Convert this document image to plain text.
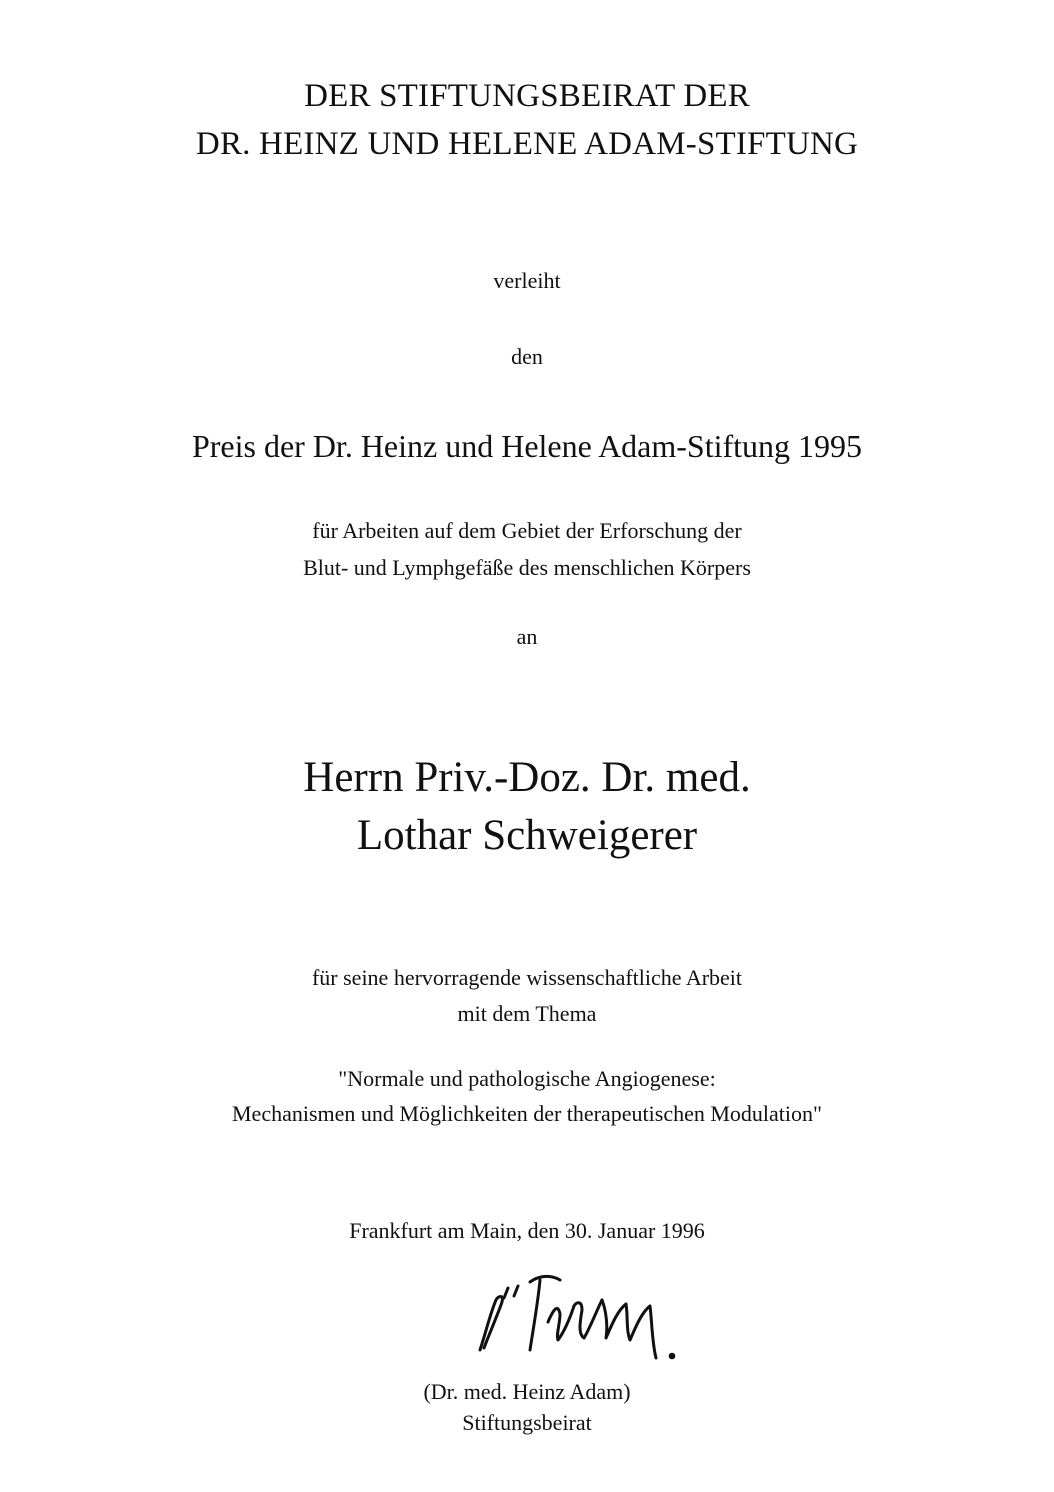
DER STIFTUNGSBEIRAT DER
DR. HEINZ UND HELENE ADAM-STIFTUNG
verleiht
den
Preis der Dr. Heinz und Helene Adam-Stiftung 1995
für Arbeiten auf dem Gebiet der Erforschung der
Blut- und Lymphgefäße des menschlichen Körpers
an
Herrn Priv.-Doz. Dr. med.
Lothar Schweigerer
für seine hervorragende wissenschaftliche Arbeit
mit dem Thema
"Normale und pathologische Angiogenese:
Mechanismen und Möglichkeiten der therapeutischen Modulation"
Frankfurt am Main, den 30. Januar 1996
(Dr. med. Heinz Adam)
Stiftungsbeirat
